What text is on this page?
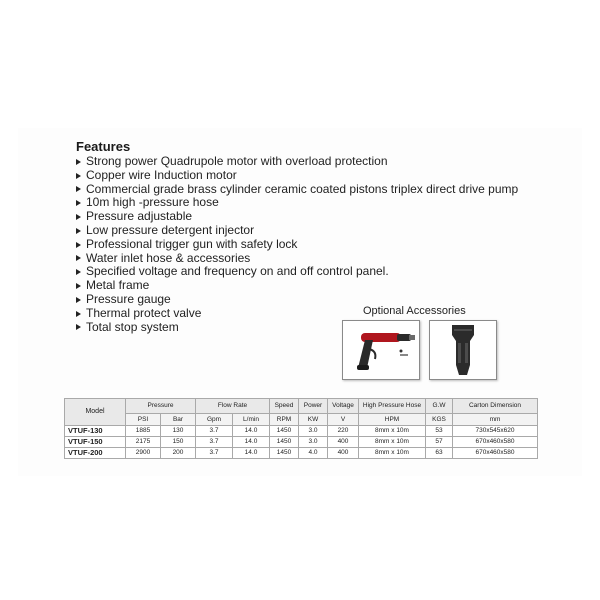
Features
Strong power Quadrupole motor with overload protection
Copper wire Induction motor
Commercial grade brass cylinder ceramic coated pistons triplex direct drive pump
10m high -pressure hose
Pressure adjustable
Low pressure detergent injector
Professional trigger gun with safety lock
Water inlet hose & accessories
Specified voltage and frequency on and off control panel.
Metal frame
Pressure gauge
Thermal protect valve
Total stop system
Optional Accessories
Model	Pressure		Flow Rate		Speed	Power	Voltage	High Pressure Hose	G.W	Carton Dimension
	PSI	Bar	Gpm	L/min	RPM	KW	V	HPM	KGS	mm
VTUF-130	1885	130	3.7	14.0	1450	3.0	220	8mm x 10m	53	730x545x620
VTUF-150	2175	150	3.7	14.0	1450	3.0	400	8mm x 10m	57	670x460x580
VTUF-200	2900	200	3.7	14.0	1450	4.0	400	8mm x 10m	63	670x460x580
